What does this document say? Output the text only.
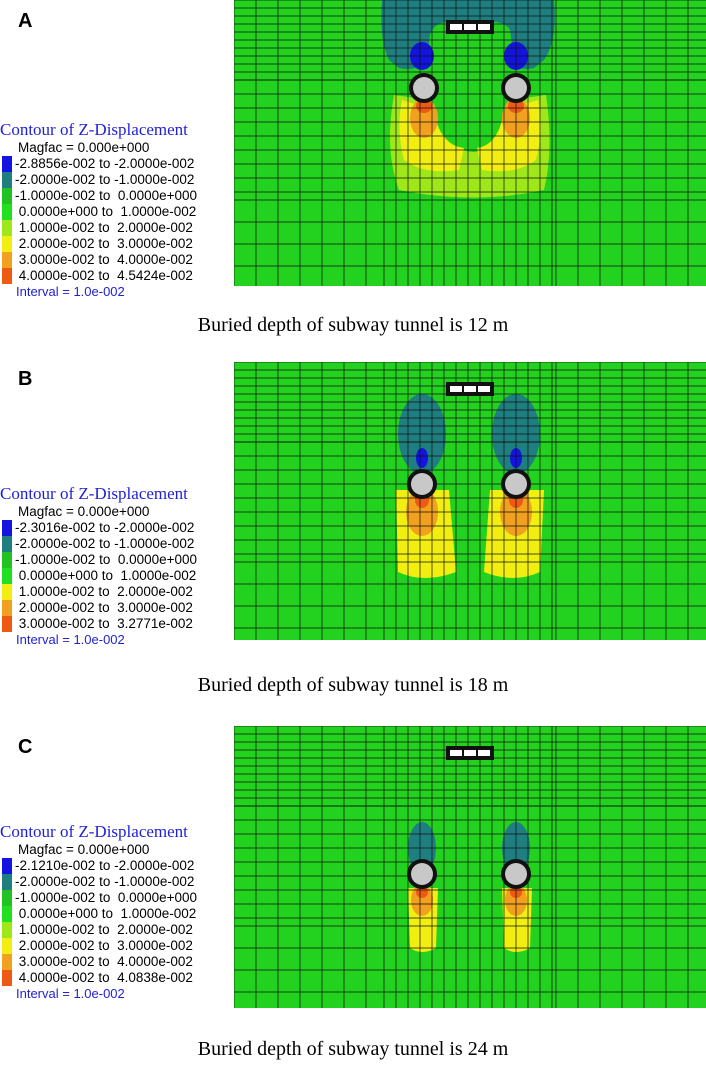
A
Contour of Z-Displacement
Magfac = 0.000e+000
-2.8856e-002 to -2.0000e-002
-2.0000e-002 to -1.0000e-002
-1.0000e-002 to  0.0000e+000
0.0000e+000 to  1.0000e-002
1.0000e-002 to  2.0000e-002
2.0000e-002 to  3.0000e-002
3.0000e-002 to  4.0000e-002
4.0000e-002 to  4.5424e-002
Interval = 1.0e-002
Buried depth of subway tunnel is 12 m
B
Contour of Z-Displacement
Magfac = 0.000e+000
-2.3016e-002 to -2.0000e-002
-2.0000e-002 to -1.0000e-002
-1.0000e-002 to  0.0000e+000
0.0000e+000 to  1.0000e-002
1.0000e-002 to  2.0000e-002
2.0000e-002 to  3.0000e-002
3.0000e-002 to  3.2771e-002
Interval = 1.0e-002
Buried depth of subway tunnel is 18 m
C
Contour of Z-Displacement
Magfac = 0.000e+000
-2.1210e-002 to -2.0000e-002
-2.0000e-002 to -1.0000e-002
-1.0000e-002 to  0.0000e+000
0.0000e+000 to  1.0000e-002
1.0000e-002 to  2.0000e-002
2.0000e-002 to  3.0000e-002
3.0000e-002 to  4.0000e-002
4.0000e-002 to  4.0838e-002
Interval = 1.0e-002
Buried depth of subway tunnel is 24 m
